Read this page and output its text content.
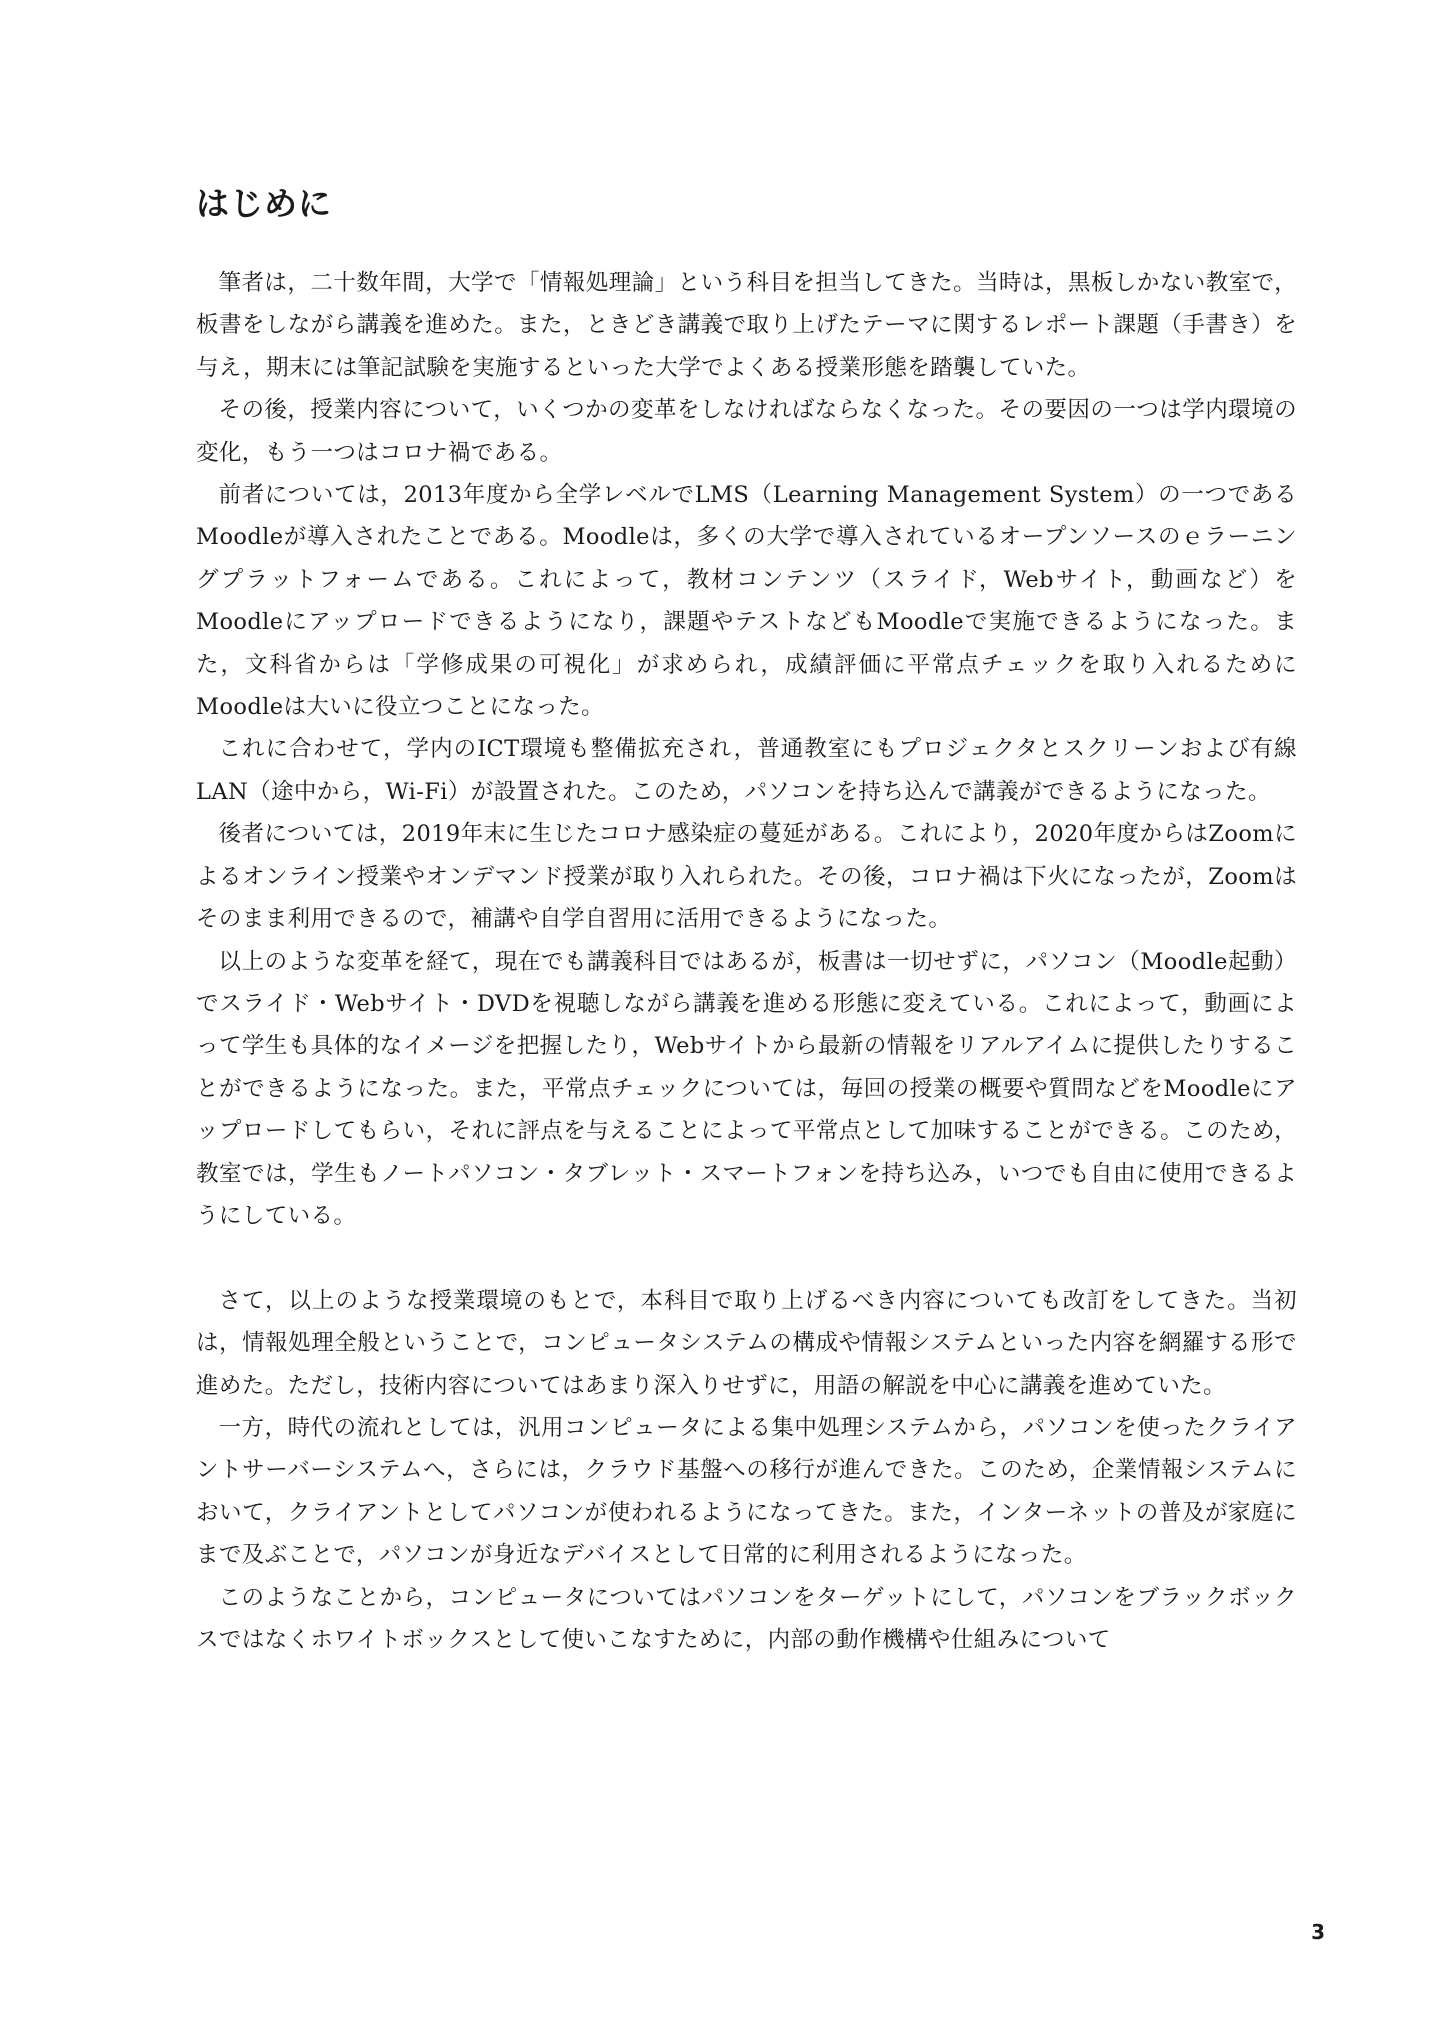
はじめに

筆者は，二十数年間，大学で「情報処理論」という科目を担当してきた。当時は，黒板しかない教室で，板書をしながら講義を進めた。また，ときどき講義で取り上げたテーマに関するレポート課題（手書き）を与え，期末には筆記試験を実施するといった大学でよくある授業形態を踏襲していた。

その後，授業内容について，いくつかの変革をしなければならなくなった。その要因の一つは学内環境の変化，もう一つはコロナ禍である。

前者については，2013年度から全学レベルでLMS（Learning Management System）の一つであるMoodleが導入されたことである。Moodleは，多くの大学で導入されているオープンソースのｅラーニングプラットフォームである。これによって，教材コンテンツ（スライド，Webサイト，動画など）をMoodleにアップロードできるようになり，課題やテストなどもMoodleで実施できるようになった。また，文科省からは「学修成果の可視化」が求められ，成績評価に平常点チェックを取り入れるためにMoodleは大いに役立つことになった。

これに合わせて，学内のICT環境も整備拡充され，普通教室にもプロジェクタとスクリーンおよび有線LAN（途中から，Wi-Fi）が設置された。このため，パソコンを持ち込んで講義ができるようになった。

後者については，2019年末に生じたコロナ感染症の蔓延がある。これにより，2020年度からはZoomによるオンライン授業やオンデマンド授業が取り入れられた。その後，コロナ禍は下火になったが，Zoomはそのまま利用できるので，補講や自学自習用に活用できるようになった。

以上のような変革を経て，現在でも講義科目ではあるが，板書は一切せずに，パソコン（Moodle起動）でスライド・Webサイト・DVDを視聴しながら講義を進める形態に変えている。これによって，動画によって学生も具体的なイメージを把握したり，Webサイトから最新の情報をリアルアイムに提供したりすることができるようになった。また，平常点チェックについては，毎回の授業の概要や質問などをMoodleにアップロードしてもらい，それに評点を与えることによって平常点として加味することができる。このため，教室では，学生もノートパソコン・タブレット・スマートフォンを持ち込み，いつでも自由に使用できるようにしている。

さて，以上のような授業環境のもとで，本科目で取り上げるべき内容についても改訂をしてきた。当初は，情報処理全般ということで，コンピュータシステムの構成や情報システムといった内容を網羅する形で進めた。ただし，技術内容についてはあまり深入りせずに，用語の解説を中心に講義を進めていた。

一方，時代の流れとしては，汎用コンピュータによる集中処理システムから，パソコンを使ったクライアントサーバーシステムへ，さらには，クラウド基盤への移行が進んできた。このため，企業情報システムにおいて，クライアントとしてパソコンが使われるようになってきた。また，インターネットの普及が家庭にまで及ぶことで，パソコンが身近なデバイスとして日常的に利用されるようになった。

このようなことから，コンピュータについてはパソコンをターゲットにして，パソコンをブラックボックスではなくホワイトボックスとして使いこなすために，内部の動作機構や仕組みについて

3
